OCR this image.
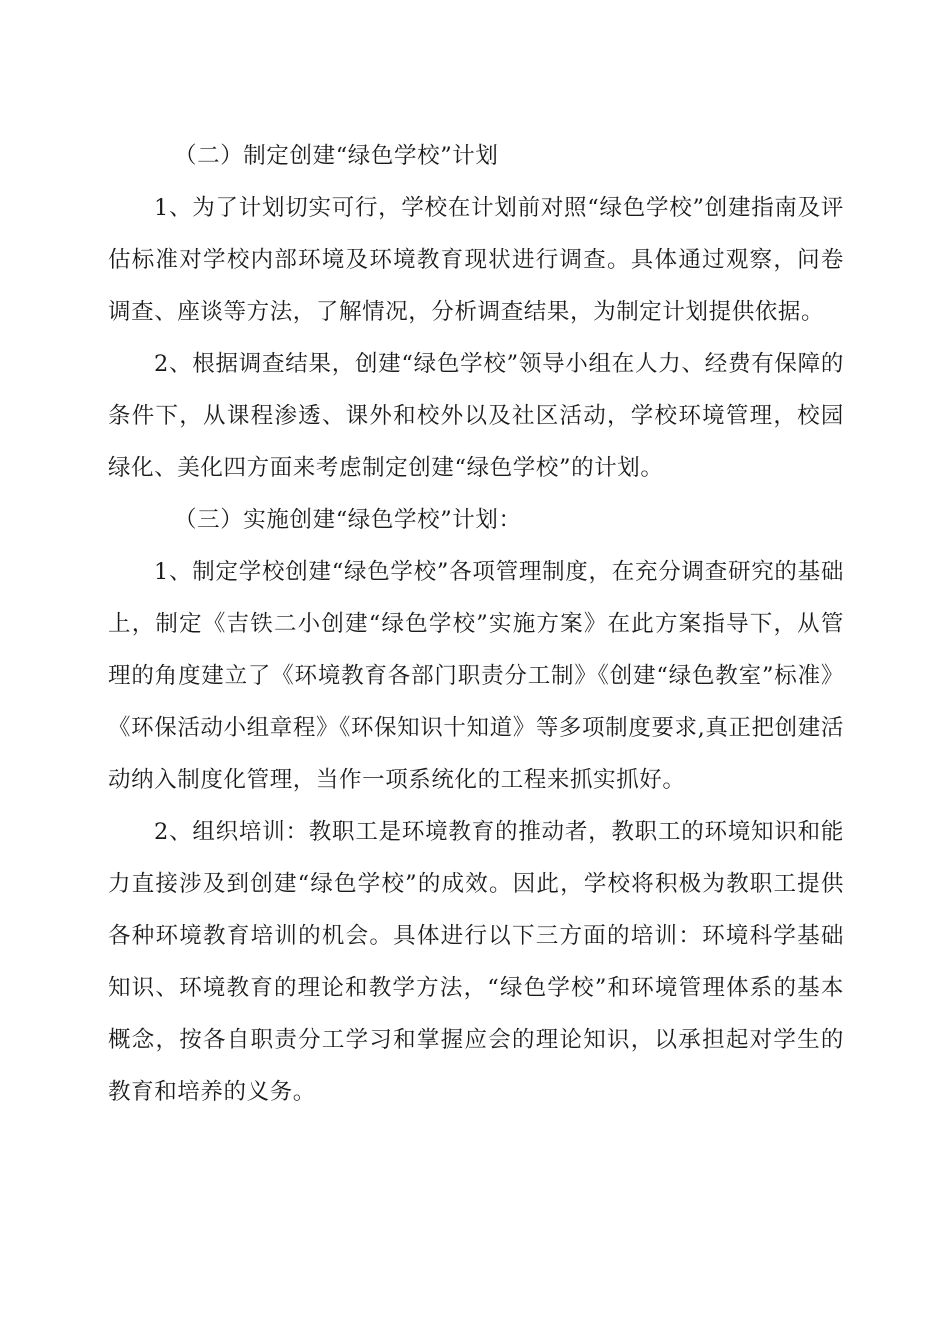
（二）制定创建“绿色学校”计划

1、为了计划切实可行，学校在计划前对照“绿色学校”创建指南及评估标准对学校内部环境及环境教育现状进行调查。具体通过观察，问卷调查、座谈等方法，了解情况，分析调查结果，为制定计划提供依据。

2、根据调查结果，创建“绿色学校”领导小组在人力、经费有保障的条件下，从课程渗透、课外和校外以及社区活动，学校环境管理，校园绿化、美化四方面来考虑制定创建“绿色学校”的计划。

（三）实施创建“绿色学校”计划：

1、制定学校创建“绿色学校”各项管理制度，在充分调查研究的基础上，制定《吉铁二小创建“绿色学校”实施方案》在此方案指导下，从管理的角度建立了《环境教育各部门职责分工制》《创建“绿色教室”标准》《环保活动小组章程》《环保知识十知道》等多项制度要求,真正把创建活动纳入制度化管理，当作一项系统化的工程来抓实抓好。

2、组织培训：教职工是环境教育的推动者，教职工的环境知识和能力直接涉及到创建“绿色学校”的成效。因此，学校将积极为教职工提供各种环境教育培训的机会。具体进行以下三方面的培训：环境科学基础知识、环境教育的理论和教学方法，“绿色学校”和环境管理体系的基本概念，按各自职责分工学习和掌握应会的理论知识，以承担起对学生的教育和培养的义务。
